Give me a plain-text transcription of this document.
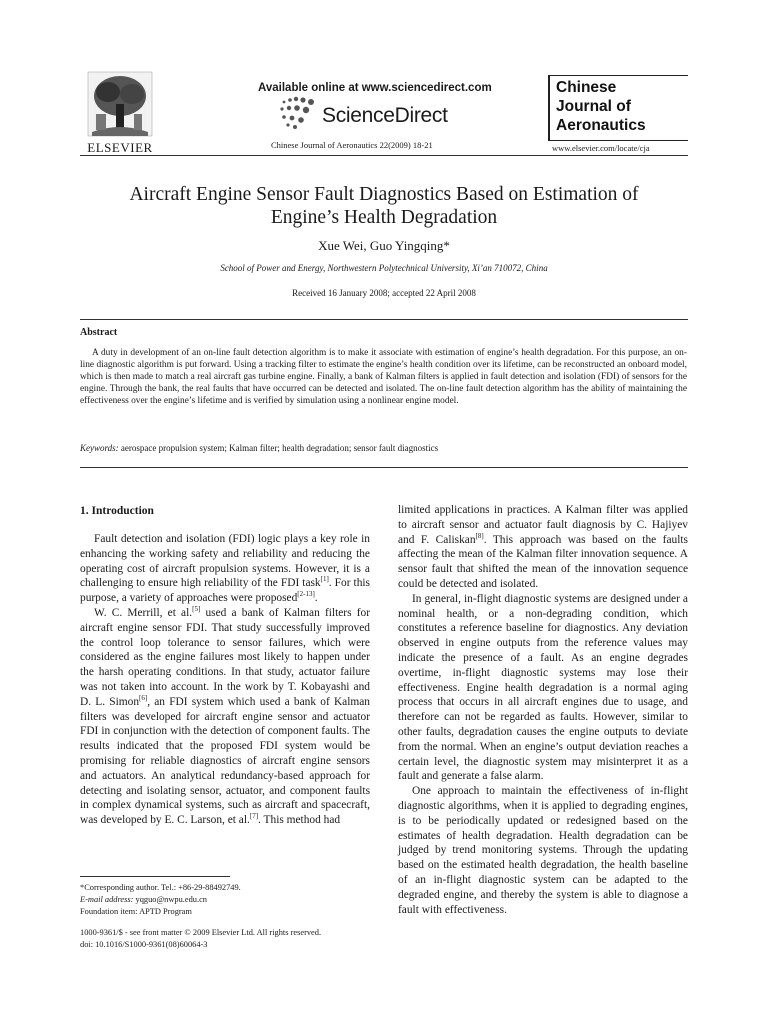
ELSEVIER
Available online at www.sciencedirect.com
ScienceDirect
Chinese Journal of Aeronautics 22(2009) 18-21
Chinese
Journal of
Aeronautics
www.elsevier.com/locate/cja
Aircraft Engine Sensor Fault Diagnostics Based on Estimation of
Engine’s Health Degradation
Xue Wei, Guo Yingqing*
School of Power and Energy, Northwestern Polytechnical University, Xi’an 710072, China
Received 16 January 2008; accepted 22 April 2008
Abstract
A duty in development of an on-line fault detection algorithm is to make it associate with estimation of engine’s health degradation. For this purpose, an on-line diagnostic algorithm is put forward. Using a tracking filter to estimate the engine’s health condition over its lifetime, can be reconstructed an onboard model, which is then made to match a real aircraft gas turbine engine. Finally, a bank of Kalman filters is applied in fault detection and isolation (FDI) of sensors for the engine. Through the bank, the real faults that have occurred can be detected and isolated. The on-line fault detection algorithm has the ability of maintaining the effectiveness over the engine’s lifetime and is verified by simulation using a nonlinear engine model.
Keywords: aerospace propulsion system; Kalman filter; health degradation; sensor fault diagnostics
1. Introduction

Fault detection and isolation (FDI) logic plays a key role in enhancing the working safety and reliability and reducing the operating cost of aircraft propulsion systems. However, it is a challenging to ensure high reliability of the FDI task[1]. For this purpose, a variety of approaches were proposed[2-13].

W. C. Merrill, et al.[5] used a bank of Kalman filters for aircraft engine sensor FDI. That study successfully improved the control loop tolerance to sensor failures, which were considered as the engine failures most likely to happen under the harsh operating conditions. In that study, actuator failure was not taken into account. In the work by T. Kobayashi and D. L. Simon[6], an FDI system which used a bank of Kalman filters was developed for aircraft engine sensor and actuator FDI in conjunction with the detection of component faults. The results indicated that the proposed FDI system would be promising for reliable diagnostics of aircraft engine sensors and actuators. An analytical redundancy-based approach for detecting and isolating sensor, actuator, and component faults in complex dynamical systems, such as aircraft and spacecraft, was developed by E. C. Larson, et al.[7]. This method had

limited applications in practices. A Kalman filter was applied to aircraft sensor and actuator fault diagnosis by C. Hajiyev and F. Caliskan[8]. This approach was based on the faults affecting the mean of the Kalman filter innovation sequence. A sensor fault that shifted the mean of the innovation sequence could be detected and isolated.

In general, in-flight diagnostic systems are designed under a nominal health, or a non-degrading condition, which constitutes a reference baseline for diagnostics. Any deviation observed in engine outputs from the reference values may indicate the presence of a fault. As an engine degrades overtime, in-flight diagnostic systems may lose their effectiveness. Engine health degradation is a normal aging process that occurs in all aircraft engines due to usage, and therefore can not be regarded as faults. However, similar to other faults, degradation causes the engine outputs to deviate from the normal. When an engine’s output deviation reaches a certain level, the diagnostic system may misinterpret it as a fault and generate a false alarm.

One approach to maintain the effectiveness of in-flight diagnostic algorithms, when it is applied to degrading engines, is to be periodically updated or redesigned based on the estimates of health degradation. Health degradation can be judged by trend monitoring systems. Through the updating based on the estimated health degradation, the health baseline of an in-flight diagnostic system can be adapted to the degraded engine, and thereby the system is able to diagnose a fault with effectiveness.

*Corresponding author. Tel.: +86-29-88492749.
E-mail address: yqguo@nwpu.edu.cn
Foundation item: APTD Program
1000-9361/$ - see front matter © 2009 Elsevier Ltd. All rights reserved.
doi: 10.1016/S1000-9361(08)60064-3
